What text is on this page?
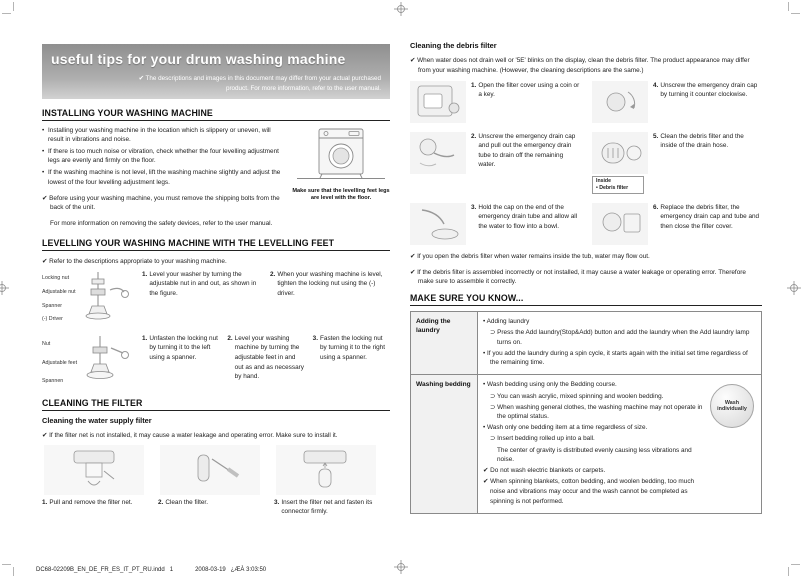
useful tips for your drum washing machine
✔ The descriptions and images in this document may differ from your actual purchased product. For more information, refer to the user manual.
INSTALLING YOUR WASHING MACHINE
• Installing your washing machine in the location which is slippery or uneven, will result in vibrations and noise.
• If there is too much noise or vibration, check whether the four levelling adjustment legs are evenly and firmly on the floor.
• If the washing machine is not level, lift the washing machine slightly and adjust the lowest of the four levelling adjustment legs.

✔ Before using your washing machine, you must remove the shipping bolts from the back of the unit.

For more information on removing the safety devices, refer to the user manual.

Make sure that the levelling feet legs are level with the floor.
LEVELLING YOUR WASHING MACHINE WITH THE LEVELLING FEET

✔ Refer to the descriptions appropriate to your washing machine.

Locking nut
Adjustable nut
Spanner
(-) Driver
1. Level your washer by turning the adjustable nut in and out, as shown in the figure.
2. When your washing machine is level, tighten the locking nut using the (-) driver.
Nut
Adjustable feet
Spannen
1. Unfasten the locking nut by turning it to the left using a spanner.
2. Level your washing machine by turning the adjustable feet in and out as and as necessary by hand.
3. Fasten the locking nut by turning it to the right using a spanner.
CLEANING THE FILTER
Cleaning the water supply filter

✔ If the filter net is not installed, it may cause a water leakage and operating error. Make sure to install it.

1. Pull and remove the filter net.	2. Clean the filter.	3. Insert the filter net and fasten its connector firmly.
Cleaning the debris filter

✔ When water does not drain well or '5E' blinks on the display, clean the debris filter. The product appearance may differ from your washing machine. (However, the cleaning descriptions are the same.)

1. Open the filter cover using a coin or a key.
2. Unscrew the emergency drain cap and pull out the emergency drain tube to drain off the remaining water.
3. Hold the cap on the end of the emergency drain tube and allow all the water to flow into a bowl.
4. Unscrew the emergency drain cap by turning it counter clockwise.
Inside
• Debris filter
5. Clean the debris filter and the inside of the drain hose.
6. Replace the debris filter, the emergency drain cap and tube and then close the filter cover.

✔ If you open the debris filter when water remains inside the tub, water may flow out.

✔ If the debris filter is assembled incorrectly or not installed, it may cause a water leakage or operating error. Therefore make sure to assemble it correctly.

MAKE SURE YOU KNOW...
Adding the laundry	• Adding laundry

⊃ Press the Add laundry(Stop&Add) button and add the laundry when the Add laundry lamp turns on.

• If you add the laundry during a spin cycle, it starts again with the initial set time regardless of the remaining time.

Washing bedding	• Wash bedding using only the Bedding course.

⊃ You can wash acrylic, mixed spinning and woolen bedding.

⊃ When washing general clothes, the washing machine may not operate in the optimal status.

• Wash only one bedding item at a time regardless of size.

⊃ Insert bedding rolled up into a ball.

The center of gravity is distributed evenly causing less vibrations and noise.

✔ Do not wash electric blankets or carpets.

✔ When spinning blankets, cotton bedding, and woolen bedding, too much noise and vibrations may occur and the wash cannot be completed as spinning is not performed.

Wash individually
DC68-02209B_EN_DE_FR_ES_IT_PT_RU.indd   1	2008-03-19   ¿ÆÀ 3:03:50
